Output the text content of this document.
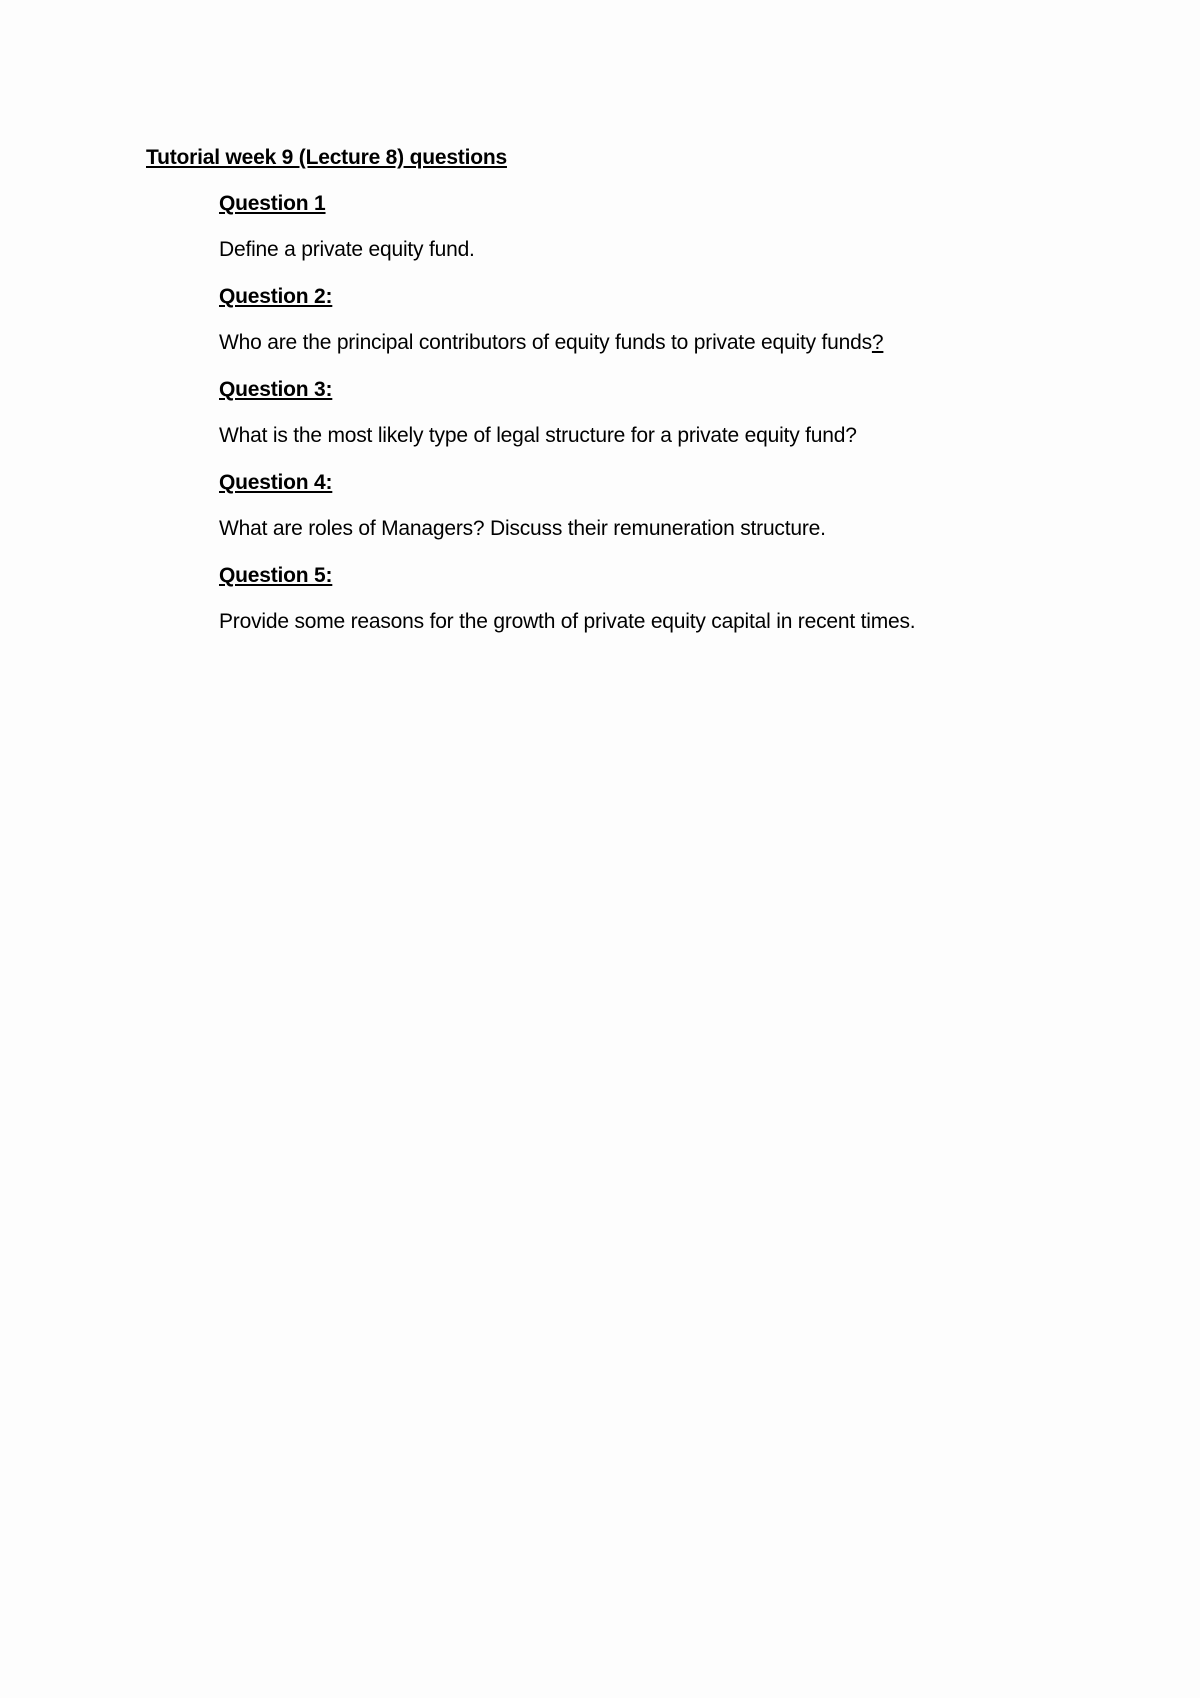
Tutorial week 9 (Lecture 8) questions
Question 1
Define a private equity fund.
Question 2:
Who are the principal contributors of equity funds to private equity funds?
Question 3:
What is the most likely type of legal structure for a private equity fund?
Question 4:
What are roles of Managers? Discuss their remuneration structure.
Question 5:
Provide some reasons for the growth of private equity capital in recent times.
